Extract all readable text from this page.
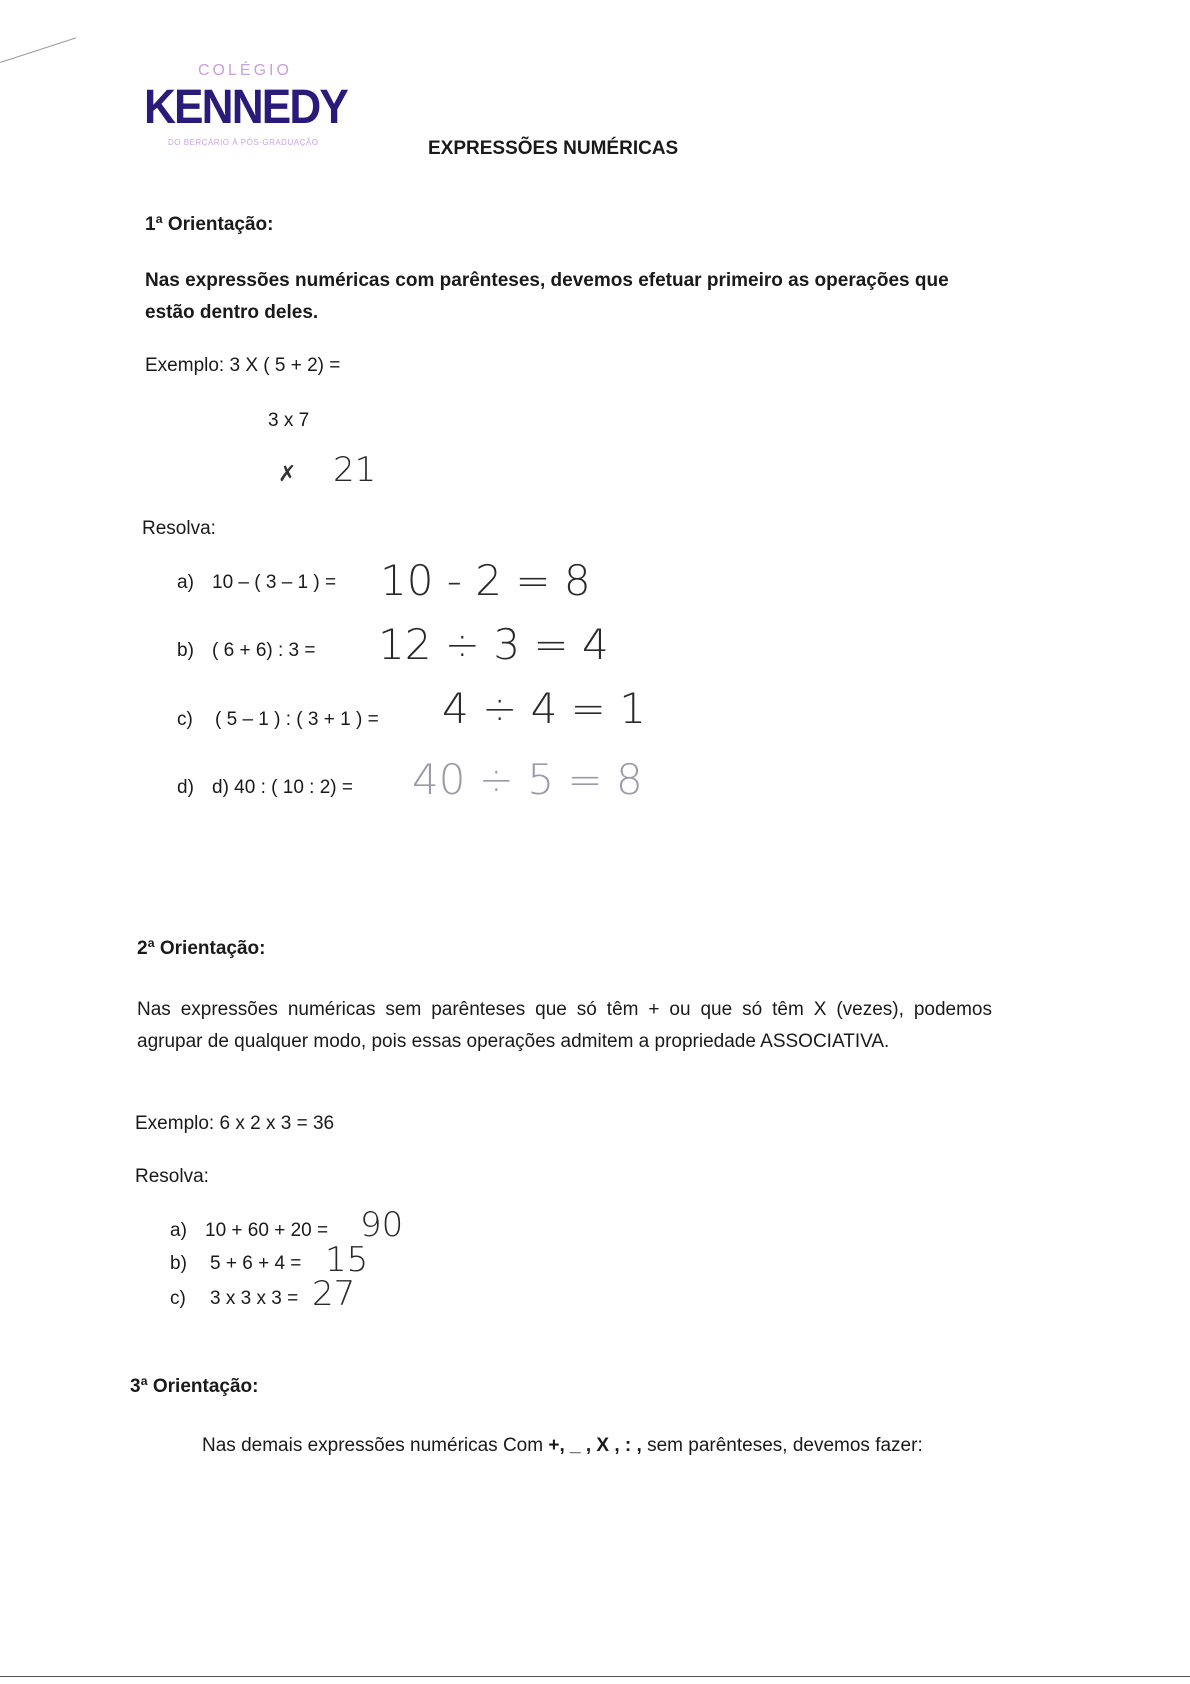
COLÉGIO
KENNEDY
DO BERÇÁRIO À PÓS-GRADUAÇÃO	EXPRESSÕES NUMÉRICAS
1ª Orientação:
Nas expressões numéricas com parênteses, devemos efetuar primeiro as operações que estão dentro deles.
Exemplo: 3 X ( 5 + 2) =
3 x 7
✗ 21
Resolva:
a) 10 – ( 3 – 1 ) = 10 - 2 = 8
b) ( 6 + 6) : 3 = 12 ÷ 3 = 4
c) ( 5 – 1 ) : ( 3 + 1 ) = 4 ÷ 4 = 1
d) d) 40 : ( 10 : 2) = 40 ÷ 5 = 8
2ª Orientação:
Nas expressões numéricas sem parênteses que só têm + ou que só têm X (vezes), podemos agrupar de qualquer modo, pois essas operações admitem a propriedade ASSOCIATIVA.
Exemplo: 6 x 2 x 3 = 36
Resolva:
a) 10 + 60 + 20 = 90
b) 5 + 6 + 4 = 15
c) 3 x 3 x 3 = 27
3ª Orientação:
Nas demais expressões numéricas Com +, _ , X , : , sem parênteses, devemos fazer:
